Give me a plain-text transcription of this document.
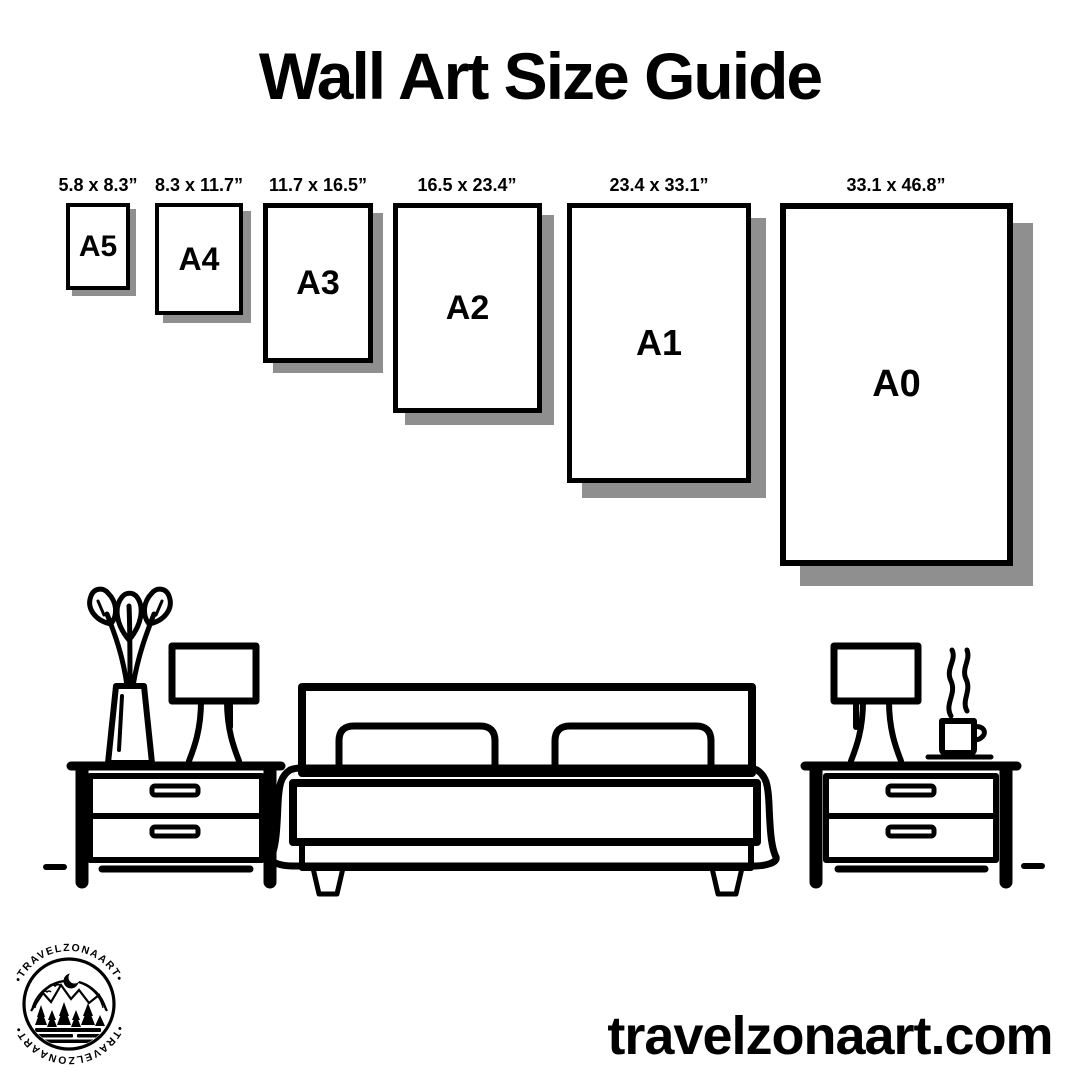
Wall Art Size Guide
5.8 x 8.3” 8.3 x 11.7”	11.7 x 16.5”	16.5 x 23.4”	23.4 x 33.1”	33.1 x 46.8”
A5	A4
A3
A2
A1
A0
•TRAVELZONAART•
•TRAVELZONAART•	travelzonaart.com
